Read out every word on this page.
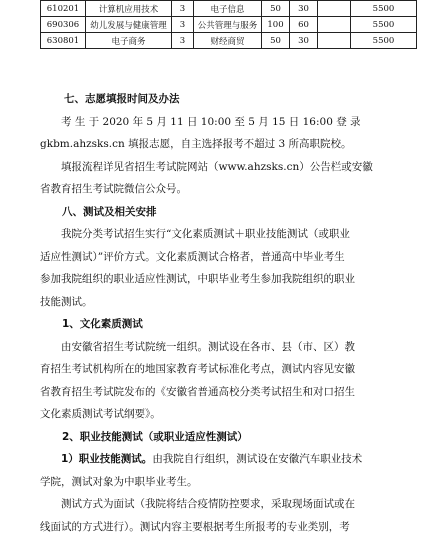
610201	计算机应用技术	3	电子信息	50	30		5500
690306	幼儿发展与健康管理	3	公共管理与服务	100	60		5500
630801	电子商务	3	财经商贸	50	30		5500
七、志愿填报时间及办法

考 生 于 2020 年 5 月 11 日 10:00 至 5 月 15 日 16:00 登 录
gkbm.ahzsks.cn 填报志愿，自主选择报考不超过 3 所高职院校。

填报流程详见省招生考试院网站（www.ahzsks.cn）公告栏或安徽
省教育招生考试院微信公众号。

八、测试及相关安排

我院分类考试招生实行“文化素质测试＋职业技能测试（或职业
适应性测试）”评价方式。文化素质测试合格者，普通高中毕业考生
参加我院组织的职业适应性测试，中职毕业考生参加我院组织的职业
技能测试。

1、文化素质测试

由安徽省招生考试院统一组织。测试设在各市、县（市、区）教
育招生考试机构所在的地国家教育考试标准化考点，测试内容见安徽
省教育招生考试院发布的《安徽省普通高校分类考试招生和对口招生
文化素质测试考试纲要》。

2、职业技能测试（或职业适应性测试）

1）职业技能测试。由我院自行组织，测试设在安徽汽车职业技术
学院，测试对象为中职毕业考生。

测试方式为面试（我院将结合疫情防控要求，采取现场面试或在
线面试的方式进行）。测试内容主要根据考生所报考的专业类别，考
